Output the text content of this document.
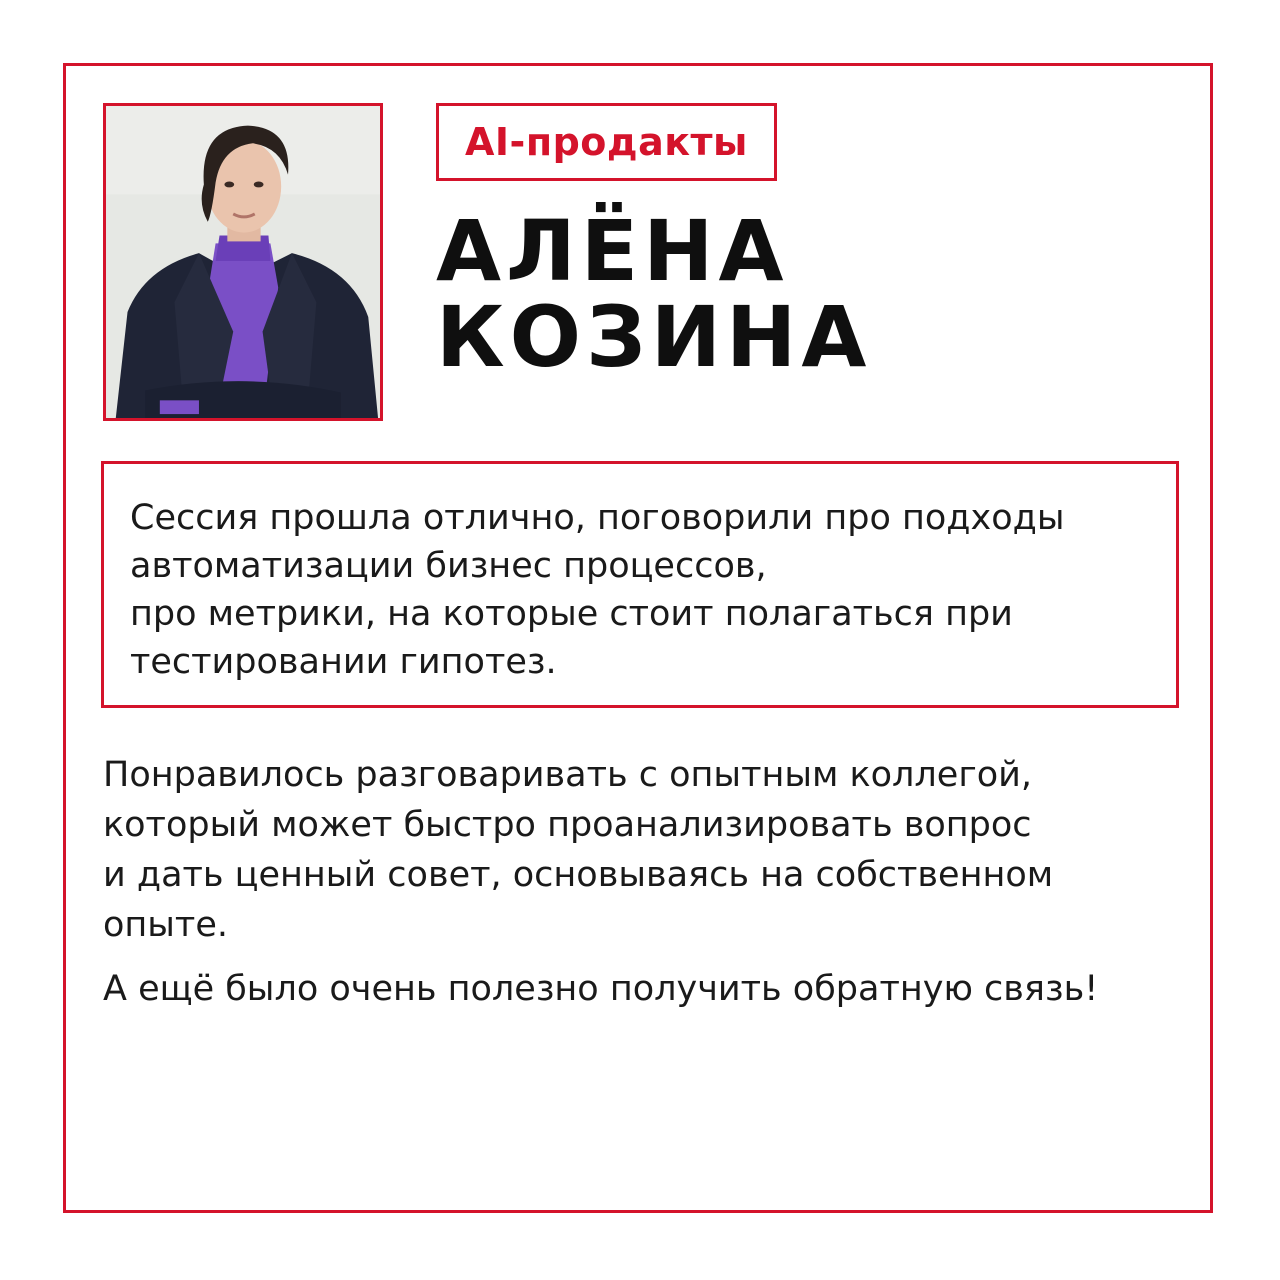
AI-продакты
АЛЁНА
КОЗИНА

Сессия прошла отлично, поговорили про подходы
автоматизации бизнес процессов,
про метрики, на которые стоит полагаться при
тестировании гипотез.

Понравилось разговаривать с опытным коллегой,
который может быстро проанализировать вопрос
и дать ценный совет, основываясь на собственном
опыте.

А ещё было очень полезно получить обратную связь!
